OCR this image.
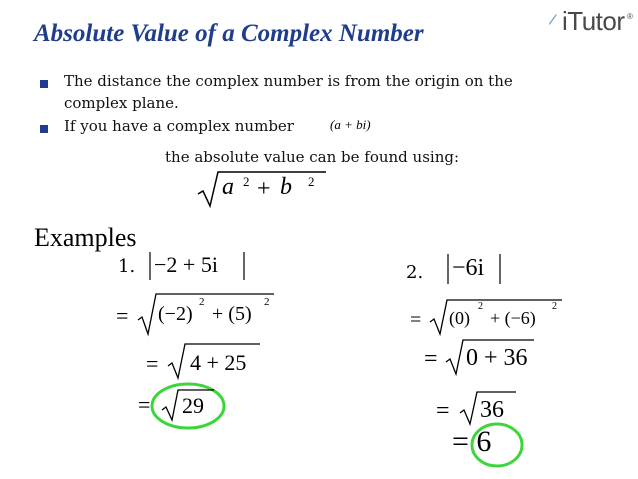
Absolute Value of a Complex Number	/ iTutor ®
The distance the complex number is from the origin on the
complex plane.
If you have a complex number	(a + bi)
the absolute value can be found using:
a 2 + b 2
Examples
1. −2 + 5i
= (−2)
2
+ (5)
2
= 4 + 25
= 29
2. −6i
= (0)
2
+ (−6)
2
= 0 + 36
= 36
= 6
